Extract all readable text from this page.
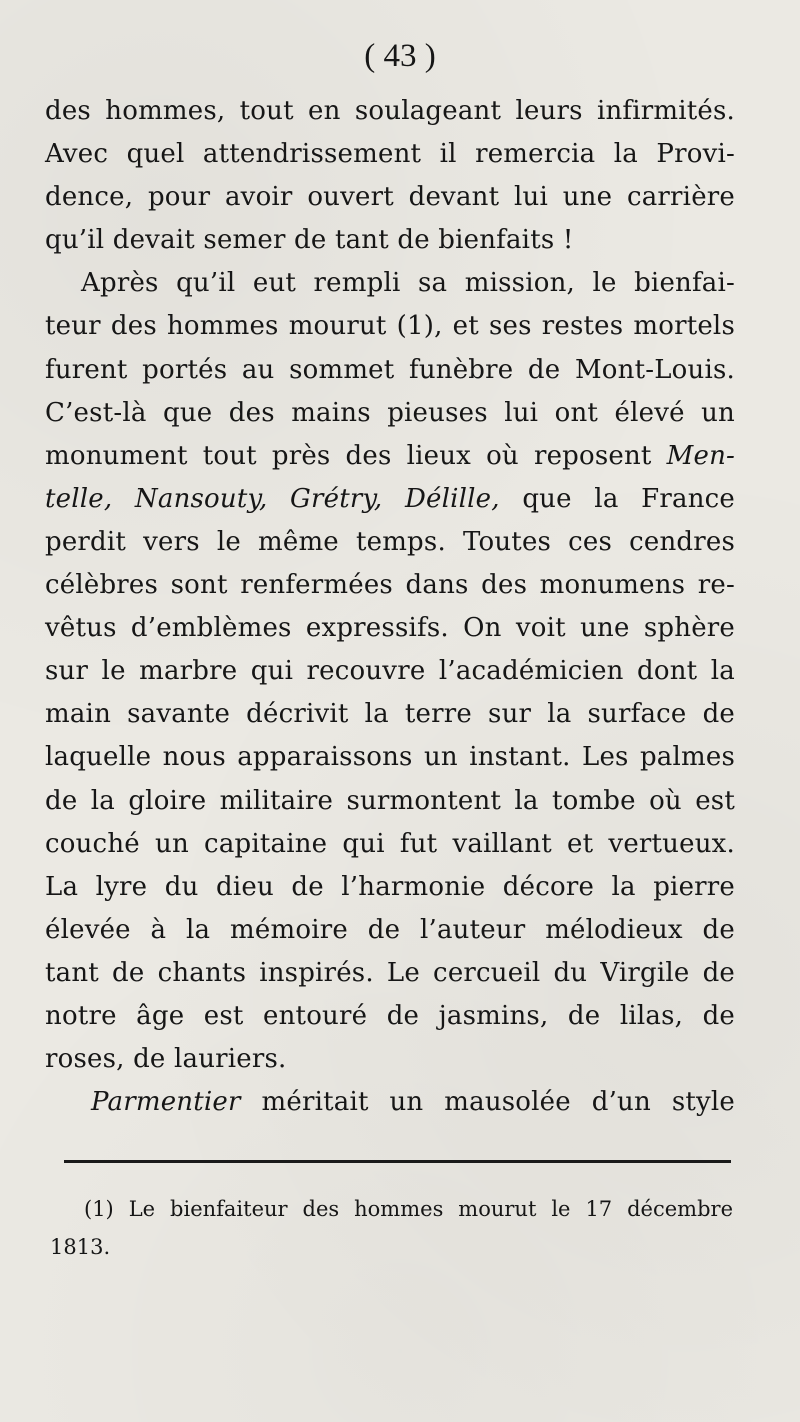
( 43 )
des hommes, tout en soulageant leurs infirmités.
Avec quel attendrissement il remercia la Provi-
dence, pour avoir ouvert devant lui une carrière
qu’il devait semer de tant de bienfaits !
Après qu’il eut rempli sa mission, le bienfai-
teur des hommes mourut (1), et ses restes mortels
furent portés au sommet funèbre de Mont-Louis.
C’est-là que des mains pieuses lui ont élevé un
monument tout près des lieux où reposent Men-
telle, Nansouty, Grétry, Délille, que la France
perdit vers le même temps. Toutes ces cendres
célèbres sont renfermées dans des monumens re-
vêtus d’emblèmes expressifs. On voit une sphère
sur le marbre qui recouvre l’académicien dont la
main savante décrivit la terre sur la surface de
laquelle nous apparaissons un instant. Les palmes
de la gloire militaire surmontent la tombe où est
couché un capitaine qui fut vaillant et vertueux.
La lyre du dieu de l’harmonie décore la pierre
élevée à la mémoire de l’auteur mélodieux de
tant de chants inspirés. Le cercueil du Virgile de
notre âge est entouré de jasmins, de lilas, de
roses, de lauriers.
Parmentier méritait un mausolée d’un style
(1) Le bienfaiteur des hommes mourut le 17 décembre
1813.
